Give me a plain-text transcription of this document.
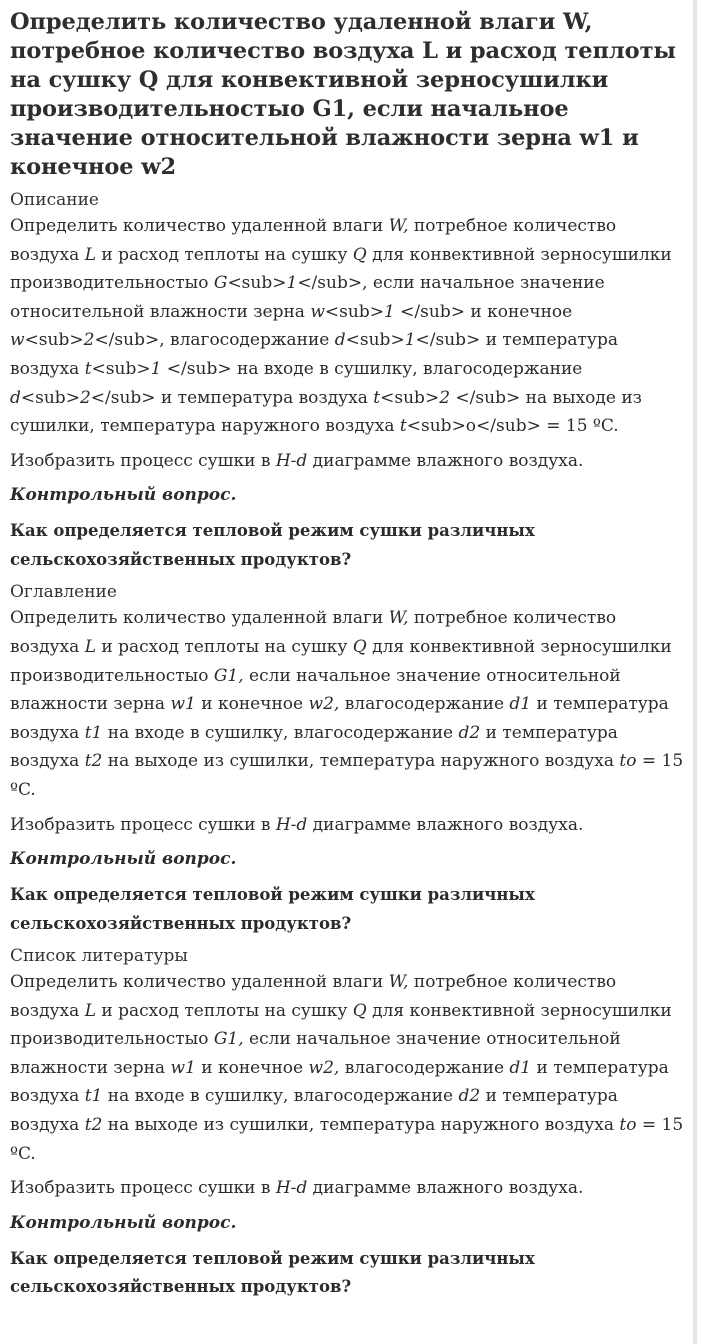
Определить количество удаленной влаги W, потребное количество воздуха L и расход теплоты на сушку Q для конвективной зерносушилки производительностыо G1, если начальное значение относительной влажности зерна w1 и конечное w2
Описание

Определить количество удаленной влаги W, потребное количество воздуха L и расход теплоты на сушку Q для конвективной зерносушилки производительностыо G<sub>1</sub>, если начальное значение относительной влажности зерна w<sub>1 </sub> и конечное w<sub>2</sub>, влагосодержание d<sub>1</sub> и температура воздуха t<sub>1 </sub> на входе в сушилку, влагосодержание d<sub>2</sub> и температура воздуха t<sub>2 </sub> на выходе из сушилки, температура наружного воздуха t<sub>o</sub> = 15 ºC.

Изобразить процесс сушки в H-d диаграмме влажного воздуха.

Контрольный вопрос.

Как определяется тепловой режим сушки различных сельскохозяйственных продуктов?

Оглавление

Определить количество удаленной влаги W, потребное количество воздуха L и расход теплоты на сушку Q для конвективной зерносушилки производительностыо G1, если начальное значение относительной влажности зерна w1 и конечное w2, влагосодержание d1 и температура воздуха t1 на входе в сушилку, влагосодержание d2 и температура воздуха t2 на выходе из сушилки, температура наружного воздуха to = 15 ºC.

Изобразить процесс сушки в H-d диаграмме влажного воздуха.

Контрольный вопрос.

Как определяется тепловой режим сушки различных сельскохозяйственных продуктов?

Список литературы

Определить количество удаленной влаги W, потребное количество воздуха L и расход теплоты на сушку Q для конвективной зерносушилки производительностыо G1, если начальное значение относительной влажности зерна w1 и конечное w2, влагосодержание d1 и температура воздуха t1 на входе в сушилку, влагосодержание d2 и температура воздуха t2 на выходе из сушилки, температура наружного воздуха to = 15 ºC.

Изобразить процесс сушки в H-d диаграмме влажного воздуха.

Контрольный вопрос.

Как определяется тепловой режим сушки различных сельскохозяйственных продуктов?
